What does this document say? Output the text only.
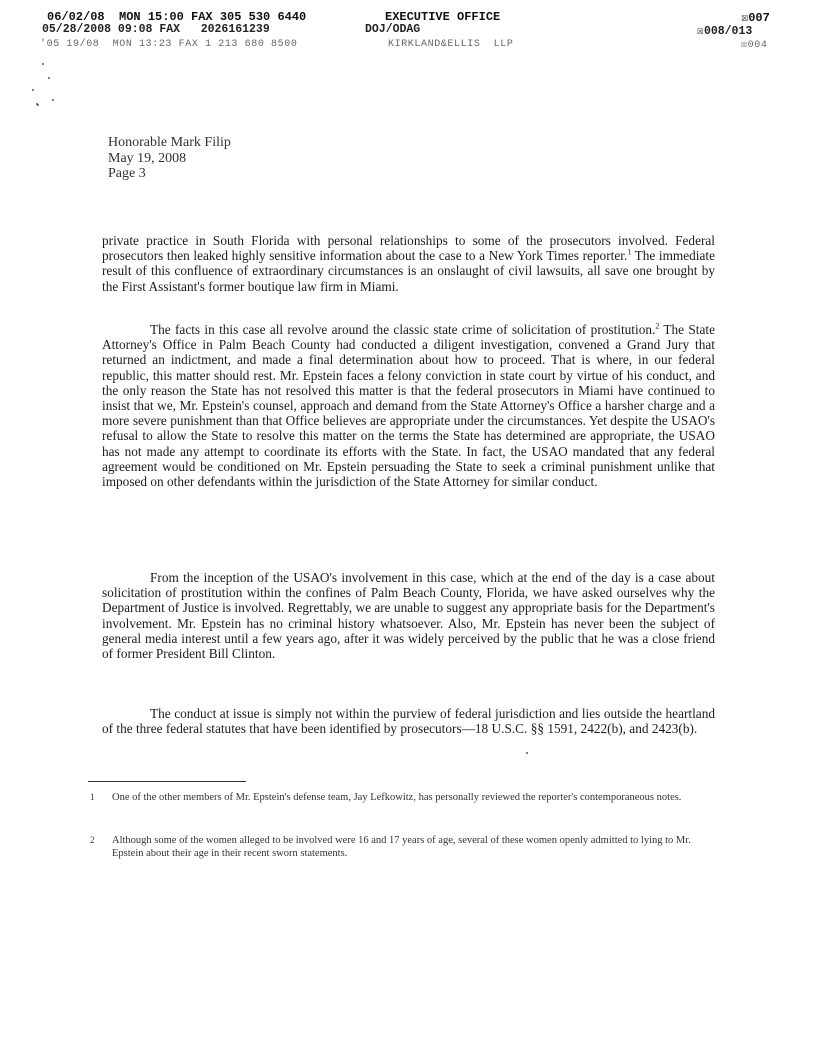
06/02/08  MON 15:00 FAX 305 530 6440

	EXECUTIVE OFFICE

	☒007

05/28/2008 09:08 FAX   2026161239

	DOJ/ODAG

	☒008/013

'05 19/08  MON 13:23 FAX 1 213 680 8500

	KIRKLAND&ELLIS  LLP

	☒004

Honorable Mark Filip
May 19, 2008
Page 3
private practice in South Florida with personal relationships to some of the prosecutors involved. Federal prosecutors then leaked highly sensitive information about the case to a New York Times reporter.$^1$ The immediate result of this confluence of extraordinary circumstances is an onslaught of civil lawsuits, all save one brought by the First Assistant's former boutique law firm in Miami.
The facts in this case all revolve around the classic state crime of solicitation of prostitution.$^2$ The State Attorney's Office in Palm Beach County had conducted a diligent investigation, convened a Grand Jury that returned an indictment, and made a final determination about how to proceed. That is where, in our federal republic, this matter should rest. Mr. Epstein faces a felony conviction in state court by virtue of his conduct, and the only reason the State has not resolved this matter is that the federal prosecutors in Miami have continued to insist that we, Mr. Epstein's counsel, approach and demand from the State Attorney's Office a harsher charge and a more severe punishment than that Office believes are appropriate under the circumstances. Yet despite the USAO's refusal to allow the State to resolve this matter on the terms the State has determined are appropriate, the USAO has not made any attempt to coordinate its efforts with the State. In fact, the USAO mandated that any federal agreement would be conditioned on Mr. Epstein persuading the State to seek a criminal punishment unlike that imposed on other defendants within the jurisdiction of the State Attorney for similar conduct.
From the inception of the USAO's involvement in this case, which at the end of the day is a case about solicitation of prostitution within the confines of Palm Beach County, Florida, we have asked ourselves why the Department of Justice is involved. Regrettably, we are unable to suggest any appropriate basis for the Department's involvement. Mr. Epstein has no criminal history whatsoever. Also, Mr. Epstein has never been the subject of general media interest until a few years ago, after it was widely perceived by the public that he was a close friend of former President Bill Clinton.
The conduct at issue is simply not within the purview of federal jurisdiction and lies outside the heartland of the three federal statutes that have been identified by prosecutors—18 U.S.C. §§ 1591, 2422(b), and 2423(b).
1 One of the other members of Mr. Epstein's defense team, Jay Lefkowitz, has personally reviewed the reporter's contemporaneous notes.
2 Although some of the women alleged to be involved were 16 and 17 years of age, several of these women openly admitted to lying to Mr. Epstein about their age in their recent sworn statements.
